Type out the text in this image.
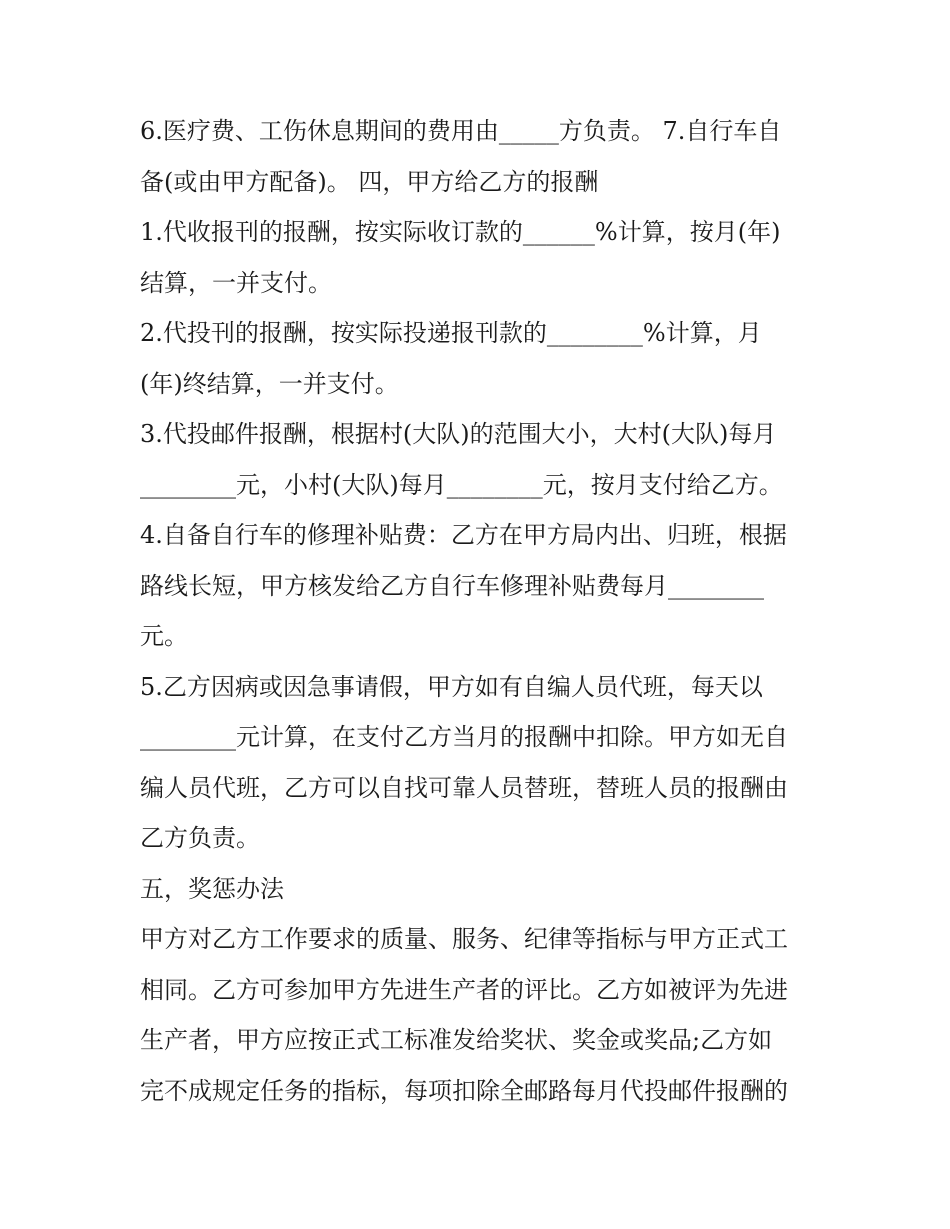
6.医疗费、工伤休息期间的费用由_____方负责。 7.自行车自
备(或由甲方配备)。 四，甲方给乙方的报酬
1.代收报刊的报酬，按实际收订款的______%计算，按月(年)
结算，一并支付。
2.代投刊的报酬，按实际投递报刊款的________%计算，月
(年)终结算，一并支付。
3.代投邮件报酬，根据村(大队)的范围大小，大村(大队)每月
________元，小村(大队)每月________元，按月支付给乙方。
4.自备自行车的修理补贴费：乙方在甲方局内出、归班，根据
路线长短，甲方核发给乙方自行车修理补贴费每月________
元。
5.乙方因病或因急事请假，甲方如有自编人员代班，每天以
________元计算，在支付乙方当月的报酬中扣除。甲方如无自
编人员代班，乙方可以自找可靠人员替班，替班人员的报酬由
乙方负责。
五，奖惩办法
甲方对乙方工作要求的质量、服务、纪律等指标与甲方正式工
相同。乙方可参加甲方先进生产者的评比。乙方如被评为先进
生产者，甲方应按正式工标准发给奖状、奖金或奖品;乙方如
完不成规定任务的指标，每项扣除全邮路每月代投邮件报酬的
